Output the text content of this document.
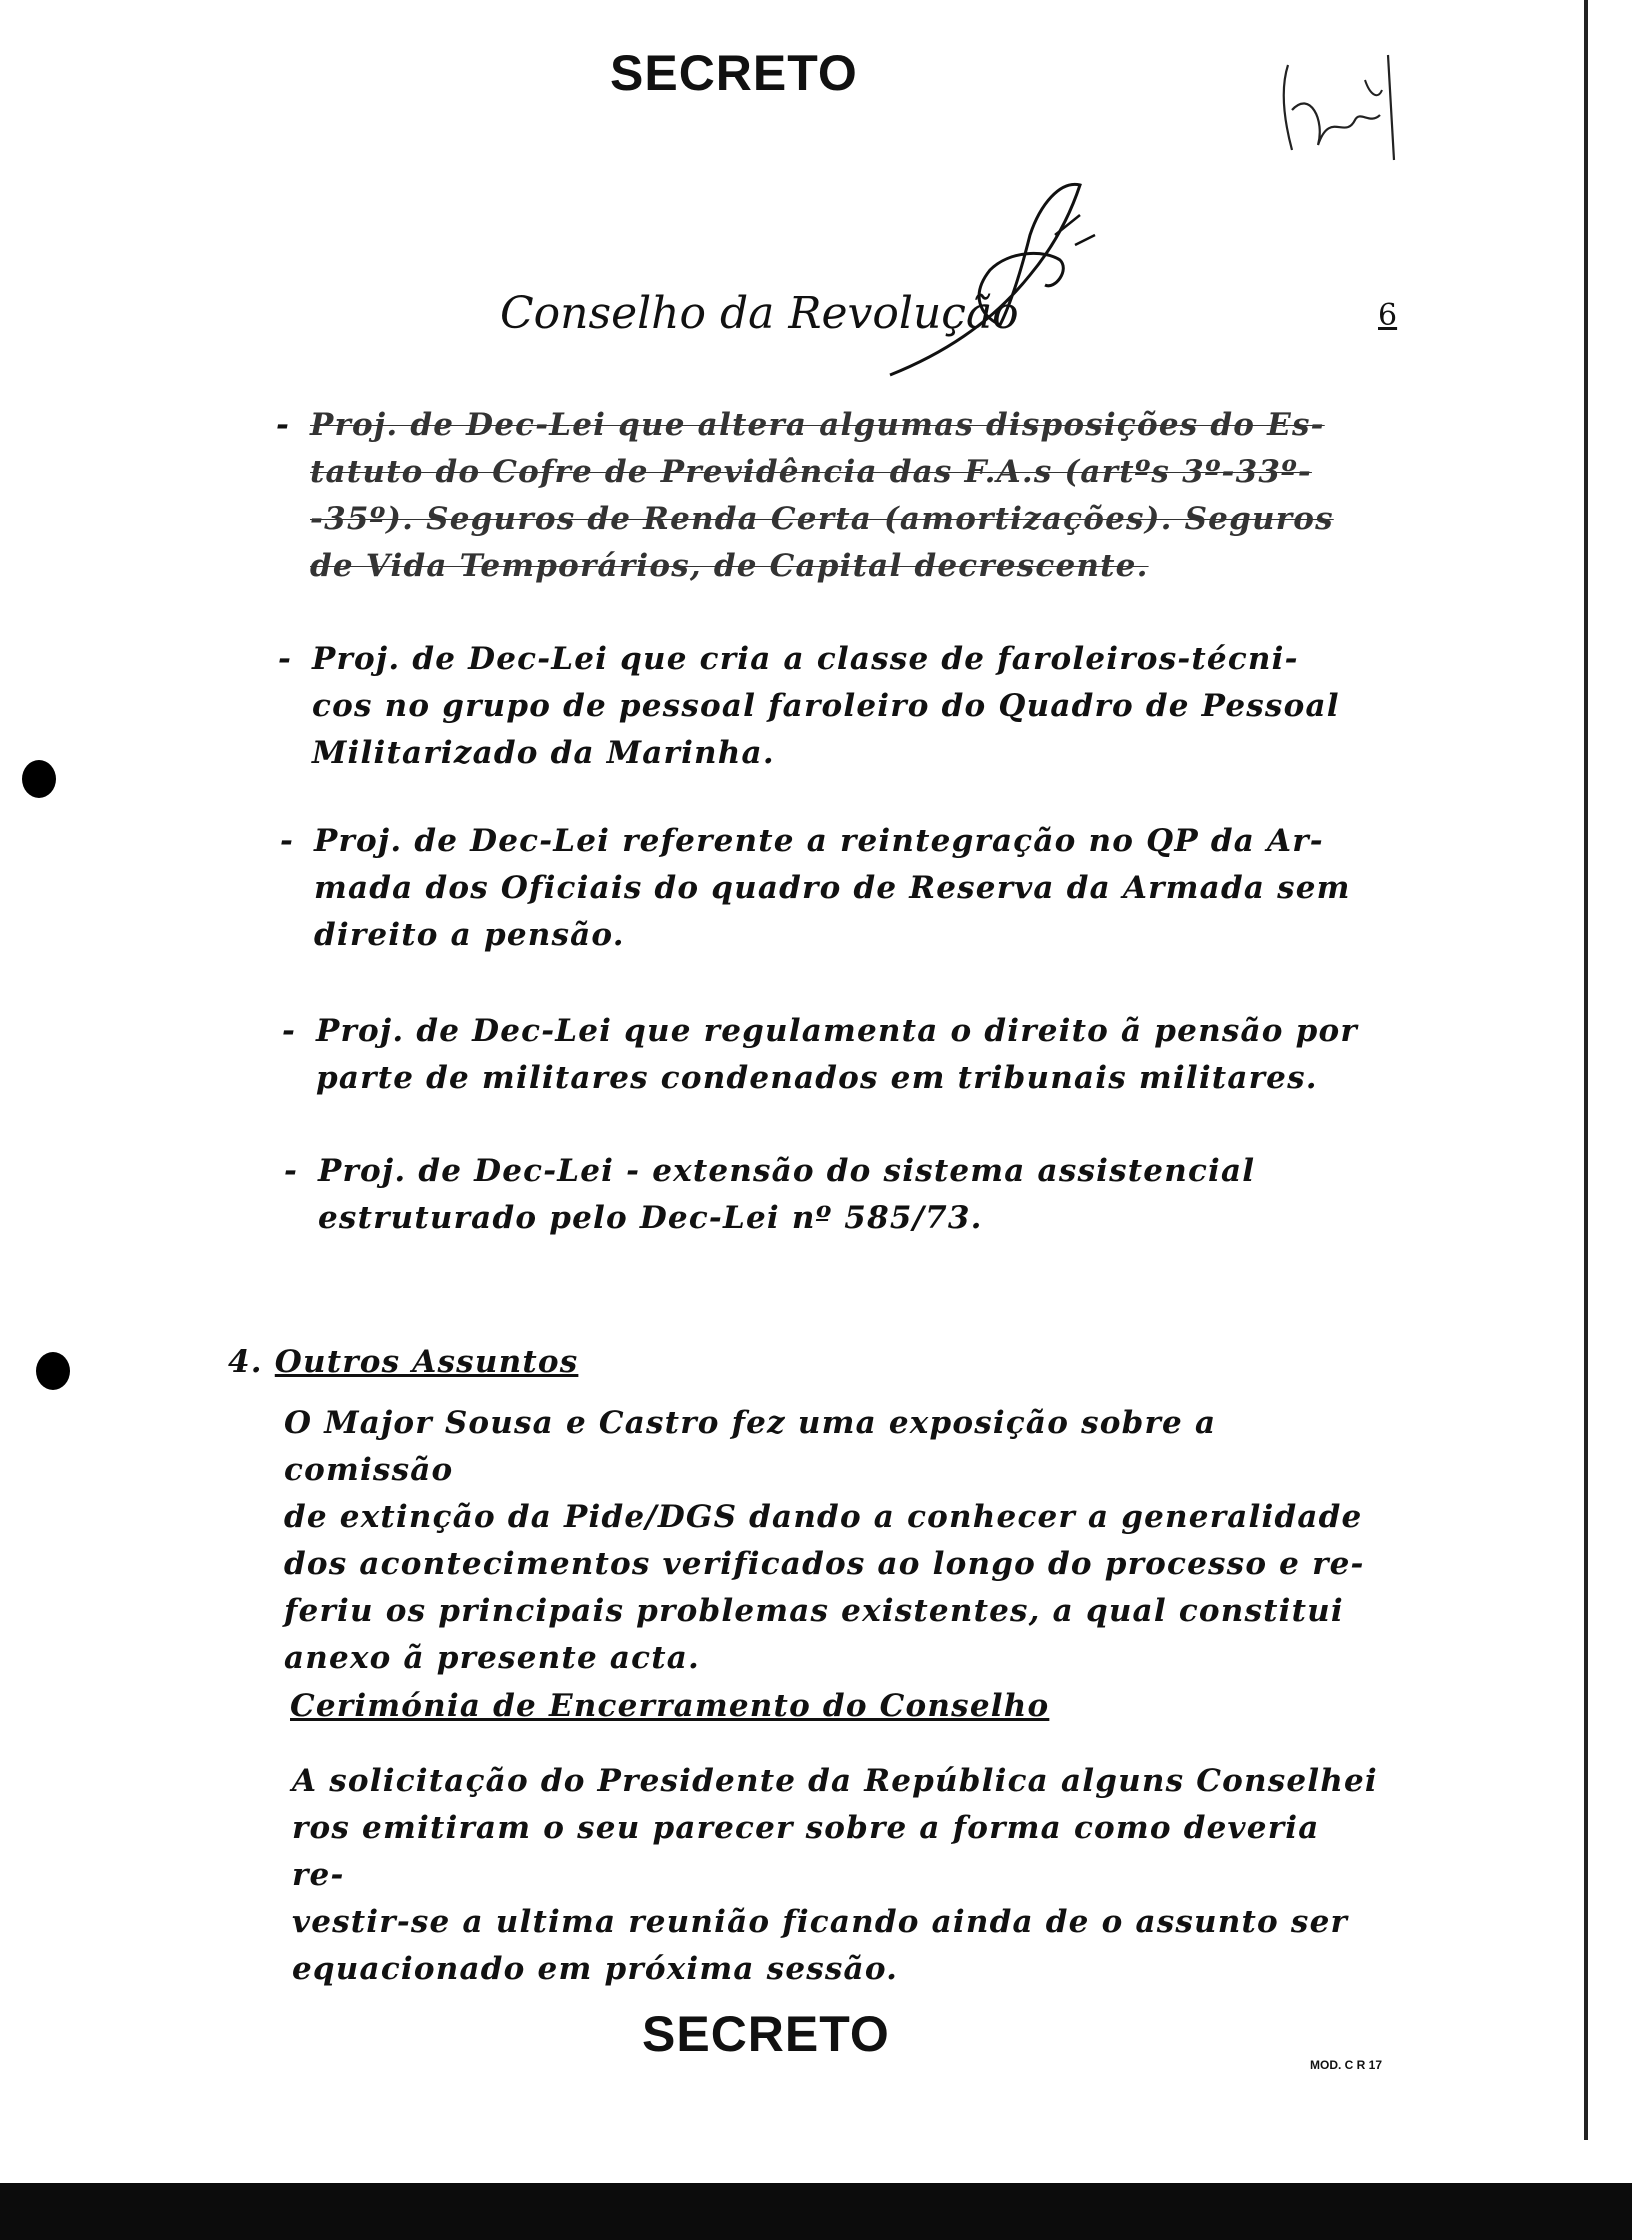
SECRETO
Conselho da Revolução	6
- Proj. de Dec-Lei que altera algumas disposições do Es-

tatuto do Cofre de Previdência das F.A.s (artºs 3º-33º-

-35º). Seguros de Renda Certa (amortizações). Seguros

de Vida Temporários, de Capital decrescente.

- Proj. de Dec-Lei que cria a classe de faroleiros-técni-

cos no grupo de pessoal faroleiro do Quadro de Pessoal

Militarizado da Marinha.

- Proj. de Dec-Lei referente a reintegração no QP da Ar-

mada dos Oficiais do quadro de Reserva da Armada sem

direito a pensão.

- Proj. de Dec-Lei que regulamenta o direito ã pensão por

parte de militares condenados em tribunais militares.

- Proj. de Dec-Lei - extensão do sistema assistencial

estruturado pelo Dec-Lei nº 585/73.

4. Outros Assuntos

O Major Sousa e Castro fez uma exposição sobre a comissão

de extinção da Pide/DGS dando a conhecer a generalidade

dos acontecimentos verificados ao longo do processo e re-

feriu os principais problemas existentes, a qual constitui

anexo ã presente acta.

Cerimónia de Encerramento do Conselho

A solicitação do Presidente da República alguns Conselhei

ros emitiram o seu parecer sobre a forma como deveria re-

vestir-se a ultima reunião ficando ainda de o assunto ser

equacionado em próxima sessão.

SECRETO
MOD. C R 17
